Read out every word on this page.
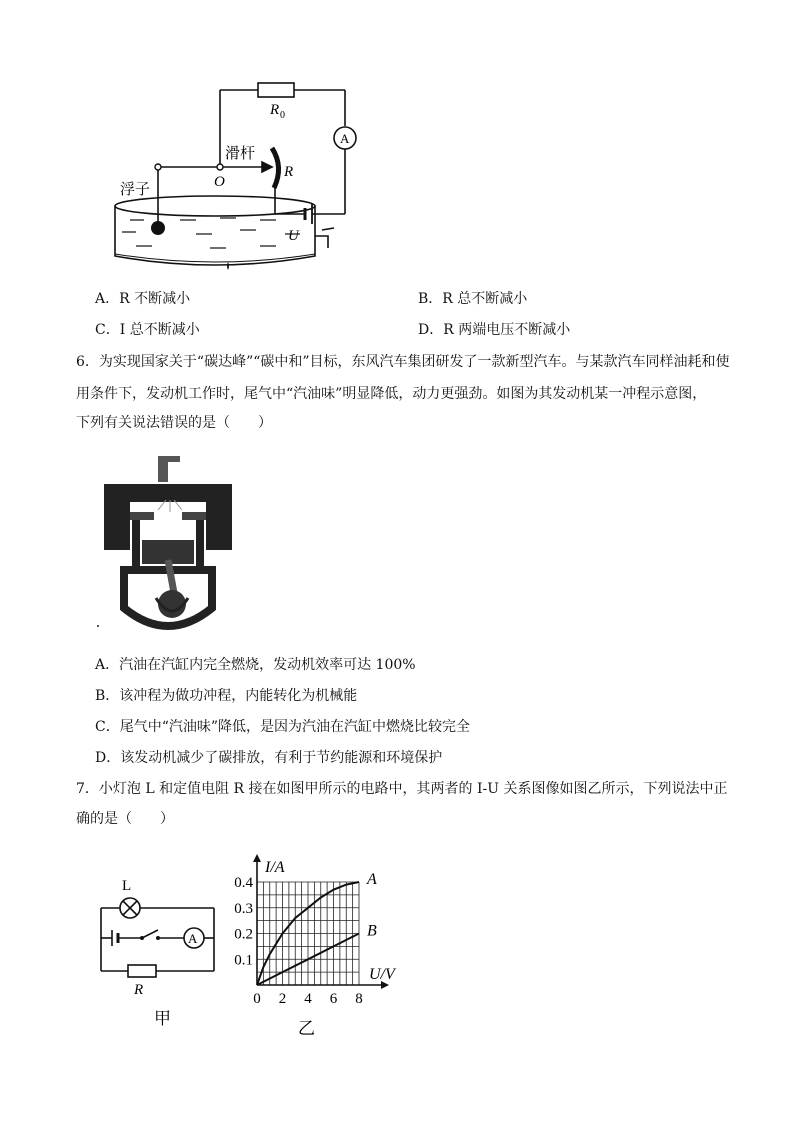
R 0
A
滑杆
O
R
浮子
U
A．R 不断减小	B．R 总不断减小
C．I 总不断减小	D．R 两端电压不断减小
6．为实现国家关于“碳达峰”“碳中和”目标，东风汽车集团研发了一款新型汽车。与某款汽车同样油耗和使
用条件下，发动机工作时，尾气中“汽油味”明显降低，动力更强劲。如图为其发动机某一冲程示意图，
下列有关说法错误的是（　　）
A．汽油在汽缸内完全燃烧，发动机效率可达 100%
B．该冲程为做功冲程，内能转化为机械能
C．尾气中“汽油味”降低，是因为汽油在汽缸中燃烧比较完全
D．该发动机减少了碳排放，有利于节约能源和环境保护
7．小灯泡 L 和定值电阻 R 接在如图甲所示的电路中，其两者的 I-U 关系图像如图乙所示，下列说法中正
确的是（　　）
L
A
R
甲
I/A
U/V
0 2 4 6 8
0.1
0.2
0.3
0.4	A
B
乙
